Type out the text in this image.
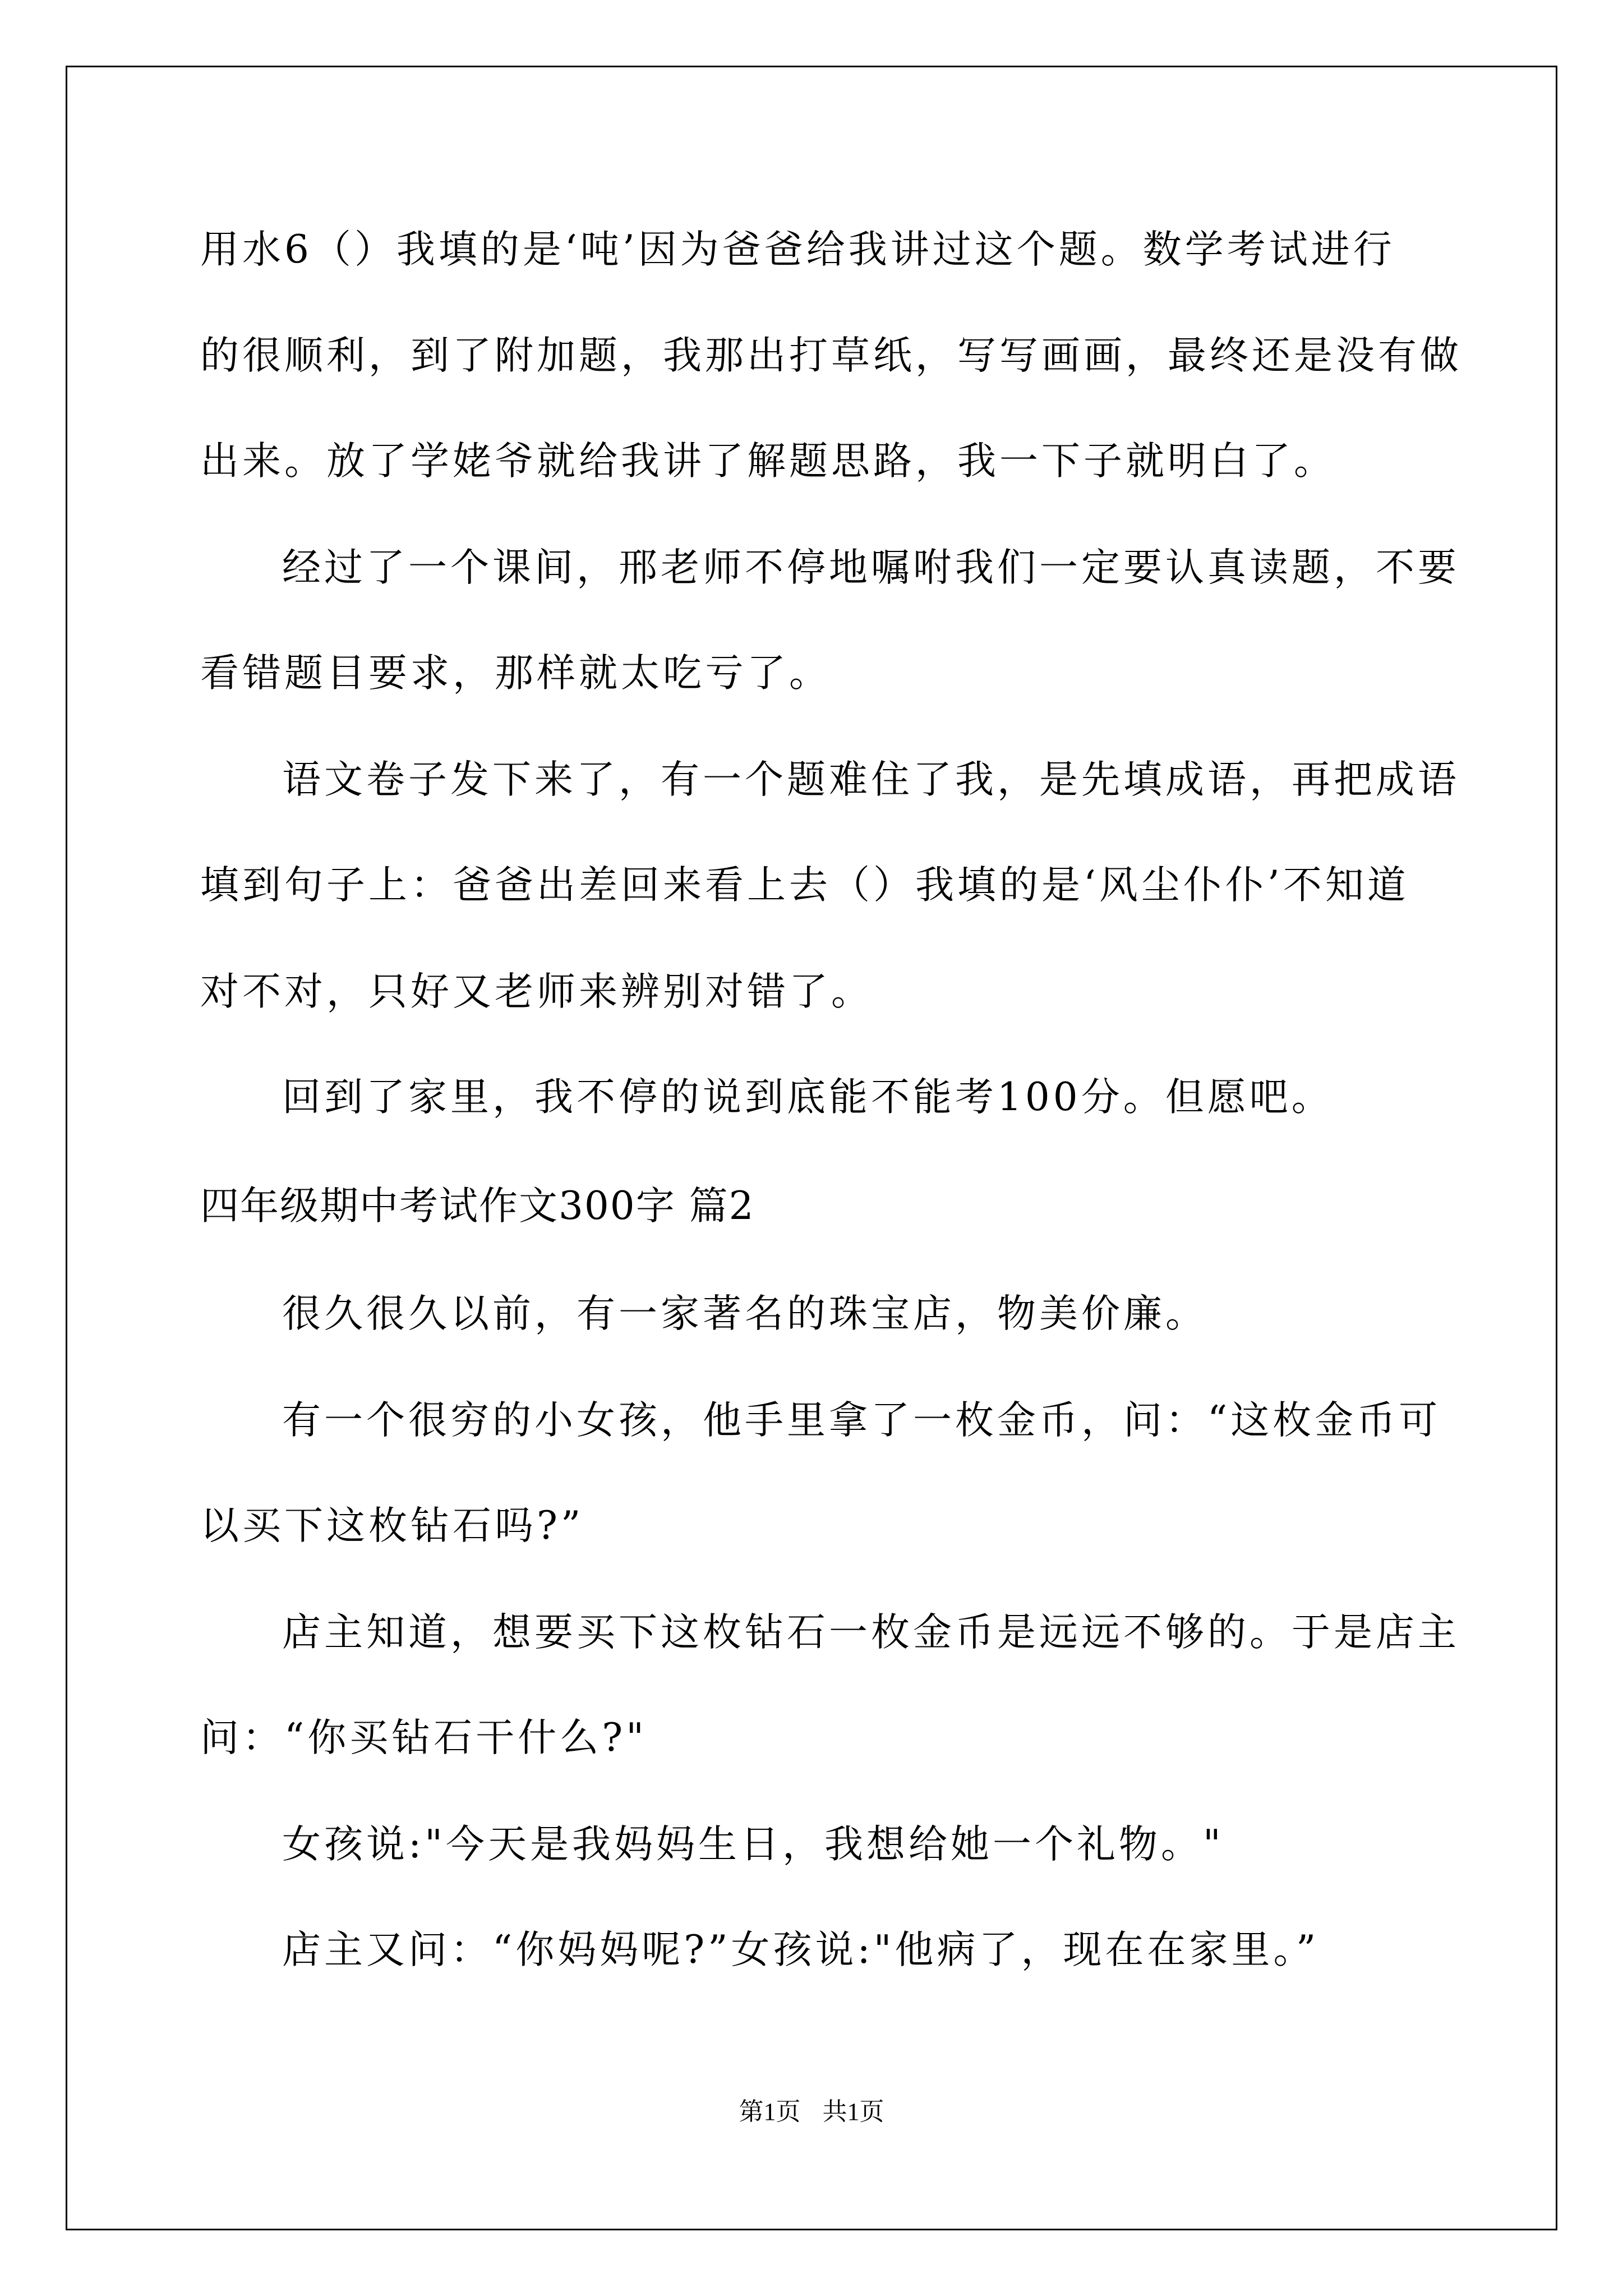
用水6（）我填的是‘吨’因为爸爸给我讲过这个题。数学考试进行
的很顺利，到了附加题，我那出打草纸，写写画画，最终还是没有做
出来。放了学姥爷就给我讲了解题思路，我一下子就明白了。
经过了一个课间，邢老师不停地嘱咐我们一定要认真读题，不要
看错题目要求，那样就太吃亏了。
语文卷子发下来了，有一个题难住了我，是先填成语，再把成语
填到句子上：爸爸出差回来看上去（）我填的是‘风尘仆仆’不知道
对不对，只好又老师来辨别对错了。
回到了家里，我不停的说到底能不能考100分。但愿吧。
四年级期中考试作文300字 篇2
很久很久以前，有一家著名的珠宝店，物美价廉。
有一个很穷的小女孩，他手里拿了一枚金币，问：“这枚金币可
以买下这枚钻石吗?”
店主知道，想要买下这枚钻石一枚金币是远远不够的。于是店主
问：“你买钻石干什么?"
女孩说:"今天是我妈妈生日，我想给她一个礼物。"
店主又问：“你妈妈呢?”女孩说:"他病了，现在在家里。”
第1页 共1页
